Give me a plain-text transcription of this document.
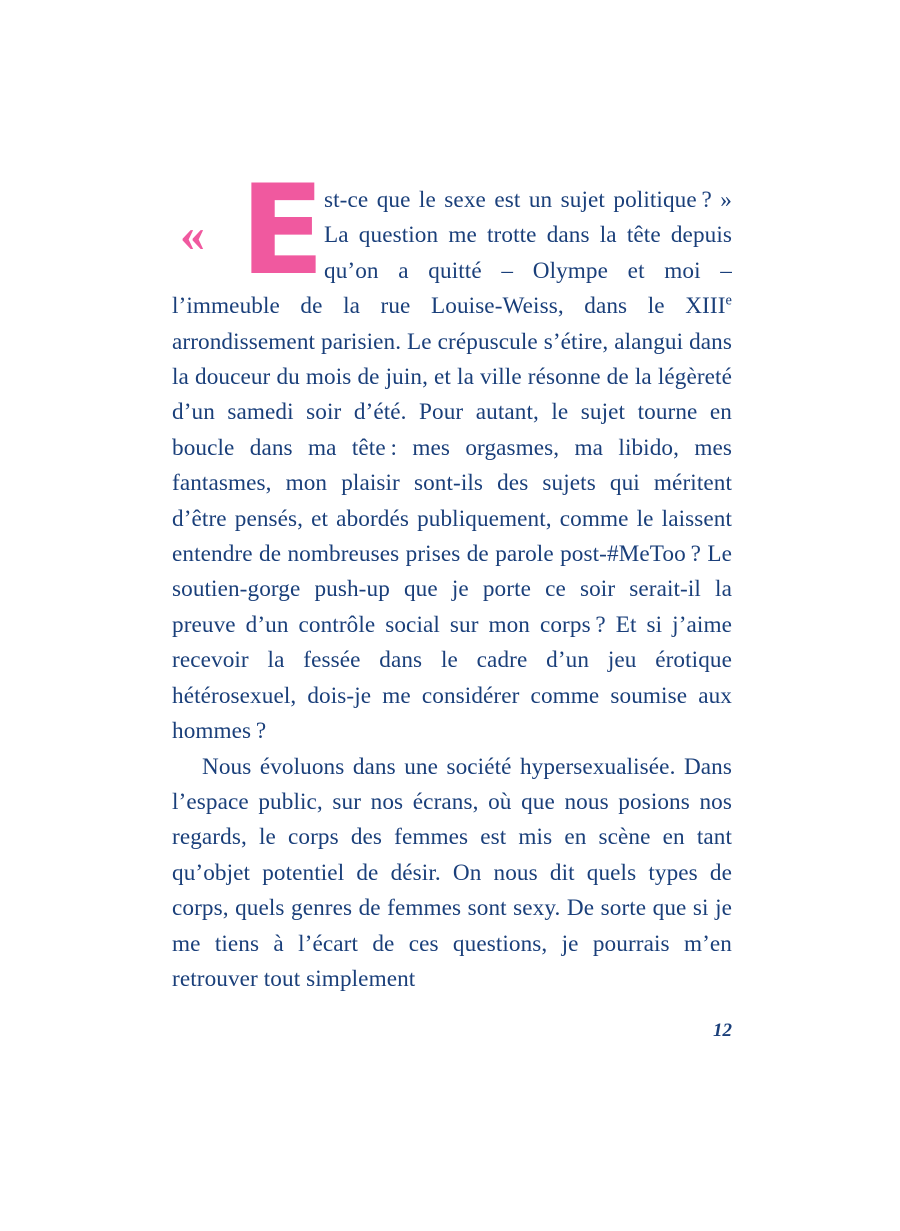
« E st-ce que le sexe est un sujet politique ? » La question me trotte dans la tête depuis qu’on a quitté – Olympe et moi – l’immeuble de la rue Louise-Weiss, dans le XIIIe arrondissement parisien. Le crépuscule s’étire, alangui dans la douceur du mois de juin, et la ville résonne de la légèreté d’un samedi soir d’été. Pour autant, le sujet tourne en boucle dans ma tête : mes orgasmes, ma libido, mes fantasmes, mon plaisir sont-ils des sujets qui méritent d’être pensés, et abordés publiquement, comme le laissent entendre de nombreuses prises de parole post-#MeToo ? Le soutien-gorge push-up que je porte ce soir serait-il la preuve d’un contrôle social sur mon corps ? Et si j’aime recevoir la fessée dans le cadre d’un jeu érotique hétérosexuel, dois-je me considérer comme soumise aux hommes ?

Nous évoluons dans une société hypersexualisée. Dans l’espace public, sur nos écrans, où que nous posions nos regards, le corps des femmes est mis en scène en tant qu’objet potentiel de désir. On nous dit quels types de corps, quels genres de femmes sont sexy. De sorte que si je me tiens à l’écart de ces questions, je pourrais m’en retrouver tout simplement

12
